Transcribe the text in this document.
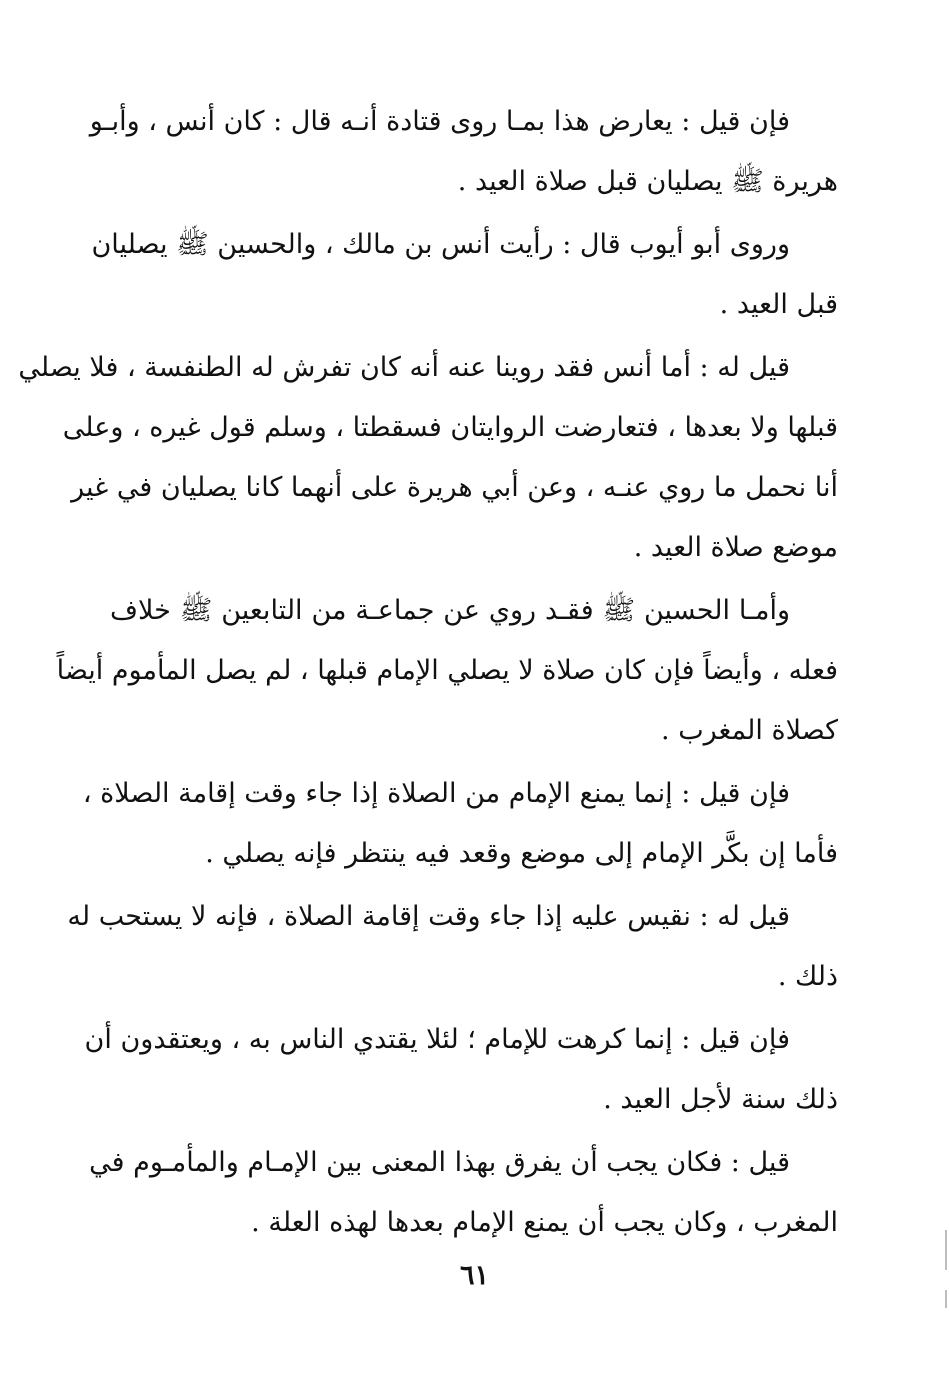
فإن قيل : يعارض هذا بمـا روى قتادة أنـه قال : كان أنس ، وأبـو
هريرة ﷺ يصليان قبل صلاة العيد .
وروى أبو أيوب قال : رأيت أنس بن مالك ، والحسين ﷺ يصليان
قبل العيد .
قيل له : أما أنس فقد روينا عنه أنه كان تفرش له الطنفسة ، فلا يصلي
قبلها ولا بعدها ، فتعارضت الروايتان فسقطتا ، وسلم قول غيره ، وعلى
أنا نحمل ما روي عنـه ، وعن أبي هريرة على أنهما كانا يصليان في غير
موضع صلاة العيد .
وأمـا الحسين ﷺ فقـد روي عن جماعـة من التابعين ﷺ خلاف
فعله ، وأيضاً فإن كان صلاة لا يصلي الإمام قبلها ، لم يصل المأموم أيضاً
كصلاة المغرب .
فإن قيل : إنما يمنع الإمام من الصلاة إذا جاء وقت إقامة الصلاة ،
فأما إن بكَّر الإمام إلى موضع وقعد فيه ينتظر فإنه يصلي .
قيل له : نقيس عليه إذا جاء وقت إقامة الصلاة ، فإنه لا يستحب له
ذلك .
فإن قيل : إنما كرهت للإمام ؛ لئلا يقتدي الناس به ، ويعتقدون أن
ذلك سنة لأجل العيد .
قيل : فكان يجب أن يفرق بهذا المعنى بين الإمـام والمأمـوم في
المغرب ، وكان يجب أن يمنع الإمام بعدها لهذه العلة .
٦١
